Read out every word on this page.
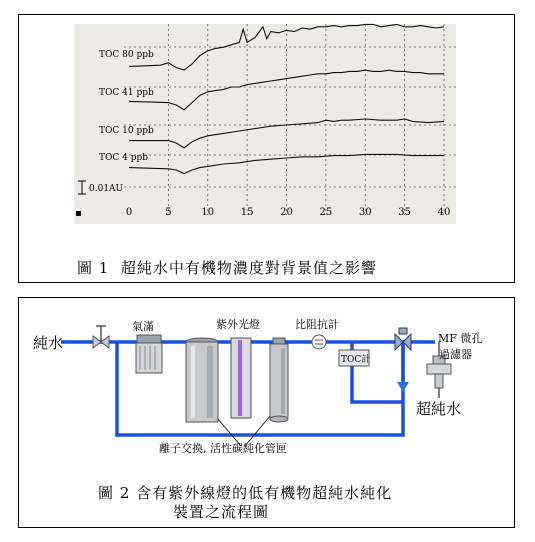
TOC 80 ppb
TOC 41 ppb
TOC 10 ppb
TOC 4 ppb
0	5	10	15	20	25	30	35	40
0.01AU
▪
圖 1 超純水中有機物濃度對背景值之影響
TOC計
純水
氣滿	紫外光燈	比阻抗計
MF 微孔
過濾器
超純水
離子交換, 活性碳純化管匣
圖 2 含有紫外線燈的低有機物超純水純化
裝置之流程圖
